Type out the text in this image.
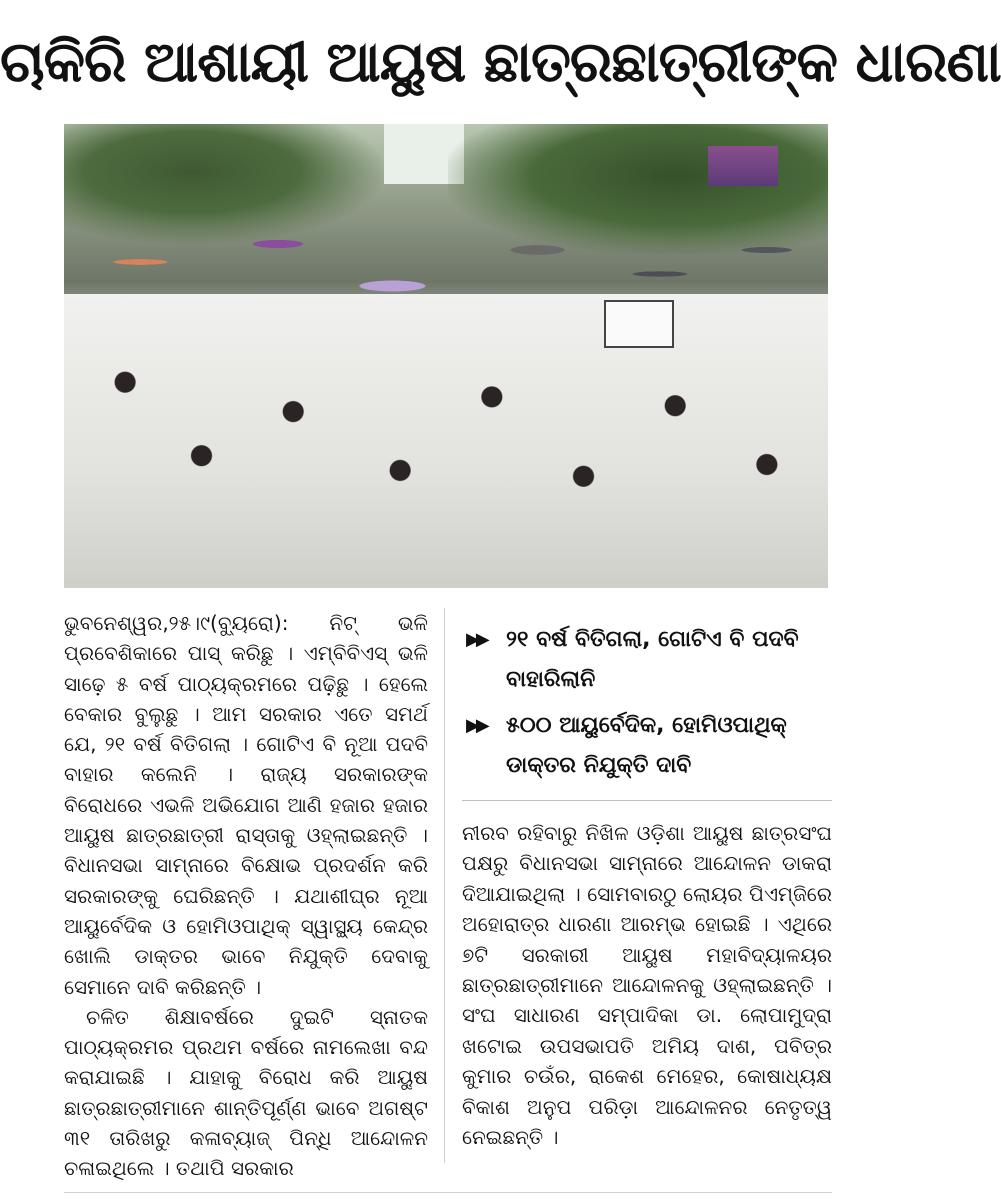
ଚାକିରି ଆଶାୟୀ ଆୟୁଷ ଛାତ୍ରଛାତ୍ରୀଙ୍କ ଧାରଣା

ଭୁବନେଶ୍ୱର,୨୫।୯(ବ୍ୟୁରୋ): ନିଟ୍ ଭଳି ପ୍ରବେଶିକାରେ ପାସ୍ କରିଛୁ । ଏମ୍‌ବିବିଏସ୍ ଭଳି ସାଢ଼େ ୫ ବର୍ଷ ପାଠ୍ୟକ୍ରମରେ ପଢ଼ିଛୁ । ହେଲେ ବେକାର ବୁଲୁଛୁ । ଆମ ସରକାର ଏତେ ସମର୍ଥ ଯେ, ୨୧ ବର୍ଷ ବିତିଗଲା । ଗୋଟିଏ ବି ନୂଆ ପଦବି ବାହାର କଲେନି । ରାଜ୍ୟ ସରକାରଙ୍କ ବିରୋଧରେ ଏଭଳି ଅଭିଯୋଗ ଆଣି ହଜାର ହଜାର ଆୟୁଷ ଛାତ୍ରଛାତ୍ରୀ ରାସ୍ତାକୁ ଓହ୍ଲାଇଛନ୍ତି । ବିଧାନସଭା ସାମ୍ନାରେ ବିକ୍ଷୋଭ ପ୍ରଦର୍ଶନ କରି ସରକାରଙ୍କୁ ଘେରିଛନ୍ତି । ଯଥାଶୀଘ୍ର ନୂଆ ଆୟୁର୍ବେଦିକ ଓ ହୋମିଓପାଥିକ୍ ସ୍ୱାସ୍ଥ୍ୟ କେନ୍ଦ୍ର ଖୋଲି ଡାକ୍ତର ଭାବେ ନିଯୁକ୍ତି ଦେବାକୁ ସେମାନେ ଦାବି କରିଛନ୍ତି ।

ଚଳିତ ଶିକ୍ଷାବର୍ଷରେ ଦୁଇଟି ସ୍ନାତକ ପାଠ୍ୟକ୍ରମର ପ୍ରଥମ ବର୍ଷରେ ନାମଲେଖା ବନ୍ଦ କରାଯାଇଛି । ଯାହାକୁ ବିରୋଧ କରି ଆୟୁଷ ଛାତ୍ରଛାତ୍ରୀମାନେ ଶାନ୍ତିପୂର୍ଣ୍ଣ ଭାବେ ଅଗଷ୍ଟ ୩୧ ତାରିଖରୁ କଳାବ୍ୟାଜ୍ ପିନ୍ଧି ଆନ୍ଦୋଳନ ଚଳାଇଥିଲେ । ତଥାପି ସରକାର

▶▶ ୨୧ ବର୍ଷ ବିତିଗଲା, ଗୋଟିଏ ବି ପଦବି ବାହାରିଲାନି
▶▶ ୫୦୦ ଆୟୁର୍ବେଦିକ, ହୋମିଓପାଥିକ୍ ଡାକ୍ତର ନିଯୁକ୍ତି ଦାବି

ନୀରବ ରହିବାରୁ ନିଖିଳ ଓଡ଼ିଶା ଆୟୁଷ ଛାତ୍ରସଂଘ ପକ୍ଷରୁ ବିଧାନସଭା ସାମ୍ନାରେ ଆନ୍ଦୋଳନ ଡାକରା ଦିଆଯାଇଥିଲା । ସୋମବାରଠୁ ଲୋୟର ପିଏମ୍‌ଜିରେ ଅହୋରାତ୍ର ଧାରଣା ଆରମ୍ଭ ହୋଇଛି । ଏଥିରେ ୭ଟି ସରକାରୀ ଆୟୁଷ ମହାବିଦ୍ୟାଳୟର ଛାତ୍ରଛାତ୍ରୀମାନେ ଆନ୍ଦୋଳନକୁ ଓହ୍ଲାଇଛନ୍ତି । ସଂଘ ସାଧାରଣ ସମ୍ପାଦିକା ଡା. ଲୋପାମୁଦ୍ରା ଖଟୋଇ ଉପସଭାପତି ଅମିୟ ଦାଶ, ପବିତ୍ର କୁମାର ଚଉଁର, ରାକେଶ ମେହେର, କୋଷାଧ୍ୟକ୍ଷ ବିକାଶ ଅନୁପ ପରିଡ଼ା ଆନ୍ଦୋଳନର ନେତୃତ୍ୱ ନେଇଛନ୍ତି ।
